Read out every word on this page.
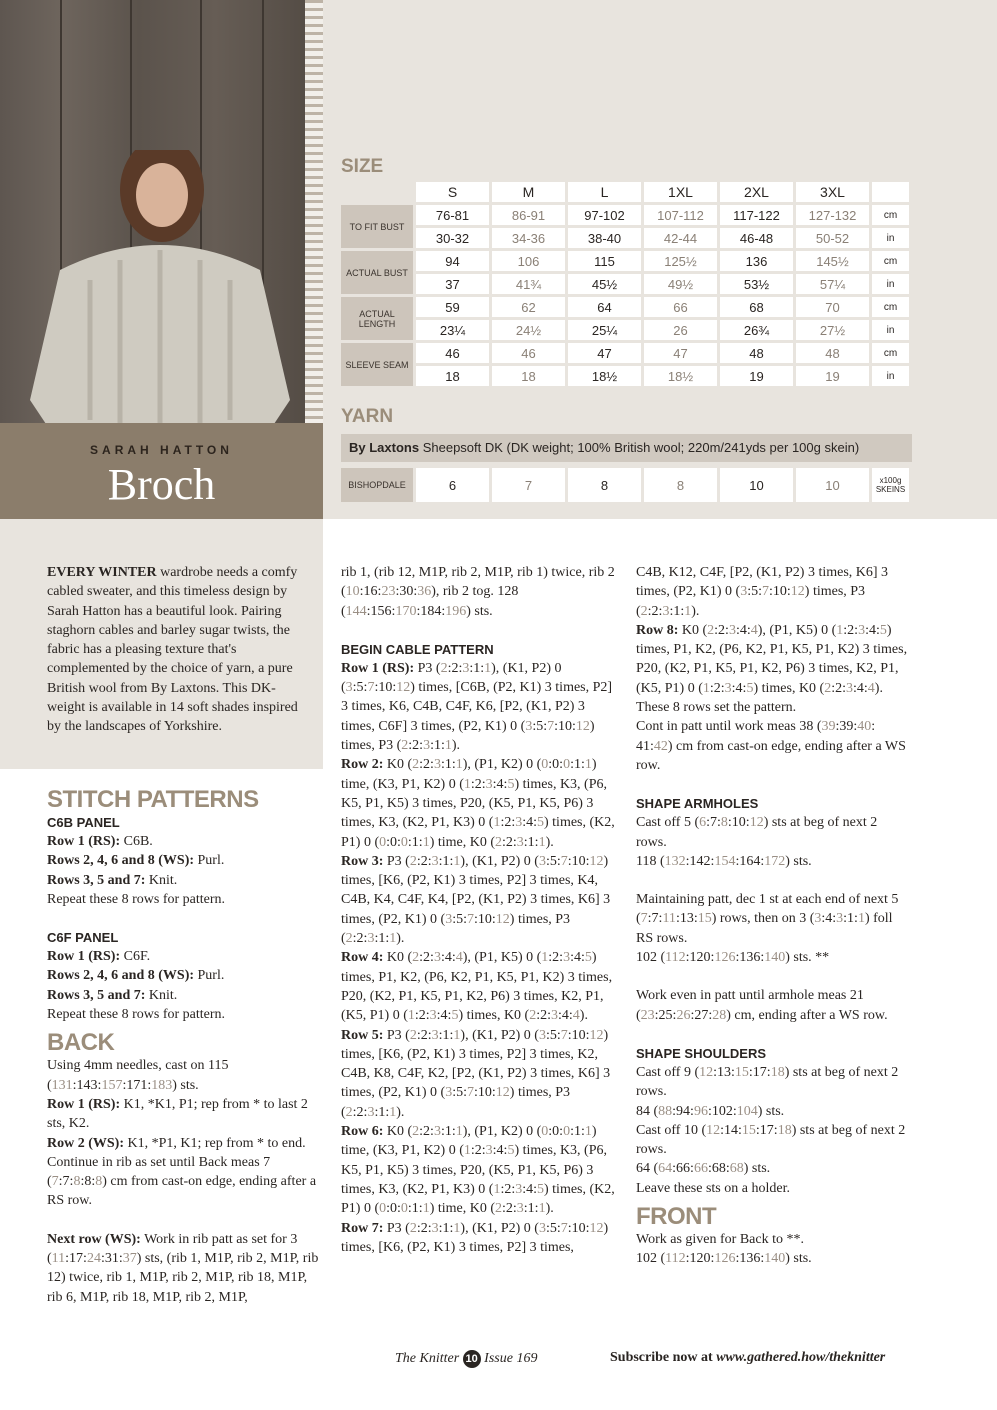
SARAH HATTON
Broch
SIZE
	S	M	L	1XL	2XL	3XL	
TO FIT BUST	76-81	86-91	97-102	107-112	117-122	127-132	cm
	30-32	34-36	38-40	42-44	46-48	50-52	in
ACTUAL BUST	94	106	115	125½	136	145½	cm
	37	41¾	45½	49½	53½	57¼	in
ACTUAL LENGTH	59	62	64	66	68	70	cm
	23¼	24½	25¼	26	26¾	27½	in
SLEEVE SEAM	46	46	47	47	48	48	cm
	18	18	18½	18½	19	19	in
YARN
By Laxtons Sheepsoft DK (DK weight; 100% British wool; 220m/241yds per 100g skein)
BISHOPDALE	6	7	8	8	10	10	x100g SKEINS
EVERY WINTER wardrobe needs a comfy cabled sweater, and this timeless design by Sarah Hatton has a beautiful look. Pairing staghorn cables and barley sugar twists, the fabric has a pleasing texture that's complemented by the choice of yarn, a pure British wool from By Laxtons. This DK-weight is available in 14 soft shades inspired by the landscapes of Yorkshire.

STITCH PATTERNS

C6B PANEL

Row 1 (RS): C6B.

Rows 2, 4, 6 and 8 (WS): Purl.

Rows 3, 5 and 7: Knit.

Repeat these 8 rows for pattern.

C6F PANEL

Row 1 (RS): C6F.

Rows 2, 4, 6 and 8 (WS): Purl.

Rows 3, 5 and 7: Knit.

Repeat these 8 rows for pattern.

BACK

Using 4mm needles, cast on 115 (131:143:157:171:183) sts.

Row 1 (RS): K1, *K1, P1; rep from * to last 2 sts, K2.

Row 2 (WS): K1, *P1, K1; rep from * to end. Continue in rib as set until Back meas 7 (7:7:8:8:8) cm from cast-on edge, ending after a RS row.

Next row (WS): Work in rib patt as set for 3 (11:17:24:31:37) sts, (rib 1, M1P, rib 2, M1P, rib 12) twice, rib 1, M1P, rib 2, M1P, rib 18, M1P, rib 6, M1P, rib 18, M1P, rib 2, M1P,

rib 1, (rib 12, M1P, rib 2, M1P, rib 1) twice, rib 2 (10:16:23:30:36), rib 2 tog. 128 (144:156:170:184:196) sts.

BEGIN CABLE PATTERN

Row 1 (RS): P3 (2:2:3:1:1), (K1, P2) 0 (3:5:7:10:12) times, [C6B, (P2, K1) 3 times, P2] 3 times, K6, C4B, C4F, K6, [P2, (K1, P2) 3 times, C6F] 3 times, (P2, K1) 0 (3:5:7:10:12) times, P3 (2:2:3:1:1).

Row 2: K0 (2:2:3:1:1), (P1, K2) 0 (0:0:0:1:1) time, (K3, P1, K2) 0 (1:2:3:4:5) times, K3, (P6, K5, P1, K5) 3 times, P20, (K5, P1, K5, P6) 3 times, K3, (K2, P1, K3) 0 (1:2:3:4:5) times, (K2, P1) 0 (0:0:0:1:1) time, K0 (2:2:3:1:1).

Row 3: P3 (2:2:3:1:1), (K1, P2) 0 (3:5:7:10:12) times, [K6, (P2, K1) 3 times, P2] 3 times, K4, C4B, K4, C4F, K4, [P2, (K1, P2) 3 times, K6] 3 times, (P2, K1) 0 (3:5:7:10:12) times, P3 (2:2:3:1:1).

Row 4: K0 (2:2:3:4:4), (P1, K5) 0 (1:2:3:4:5) times, P1, K2, (P6, K2, P1, K5, P1, K2) 3 times, P20, (K2, P1, K5, P1, K2, P6) 3 times, K2, P1, (K5, P1) 0 (1:2:3:4:5) times, K0 (2:2:3:4:4).

Row 5: P3 (2:2:3:1:1), (K1, P2) 0 (3:5:7:10:12) times, [K6, (P2, K1) 3 times, P2] 3 times, K2, C4B, K8, C4F, K2, [P2, (K1, P2) 3 times, K6] 3 times, (P2, K1) 0 (3:5:7:10:12) times, P3 (2:2:3:1:1).

Row 6: K0 (2:2:3:1:1), (P1, K2) 0 (0:0:0:1:1) time, (K3, P1, K2) 0 (1:2:3:4:5) times, K3, (P6, K5, P1, K5) 3 times, P20, (K5, P1, K5, P6) 3 times, K3, (K2, P1, K3) 0 (1:2:3:4:5) times, (K2, P1) 0 (0:0:0:1:1) time, K0 (2:2:3:1:1).

Row 7: P3 (2:2:3:1:1), (K1, P2) 0 (3:5:7:10:12) times, [K6, (P2, K1) 3 times, P2] 3 times,

C4B, K12, C4F, [P2, (K1, P2) 3 times, K6] 3 times, (P2, K1) 0 (3:5:7:10:12) times, P3 (2:2:3:1:1).

Row 8: K0 (2:2:3:4:4), (P1, K5) 0 (1:2:3:4:5) times, P1, K2, (P6, K2, P1, K5, P1, K2) 3 times, P20, (K2, P1, K5, P1, K2, P6) 3 times, K2, P1, (K5, P1) 0 (1:2:3:4:5) times, K0 (2:2:3:4:4).

These 8 rows set the pattern.

Cont in patt until work meas 38 (39:39:40: 41:42) cm from cast-on edge, ending after a WS row.

SHAPE ARMHOLES

Cast off 5 (6:7:8:10:12) sts at beg of next 2 rows.

118 (132:142:154:164:172) sts.

Maintaining patt, dec 1 st at each end of next 5 (7:7:11:13:15) rows, then on 3 (3:4:3:1:1) foll RS rows.

102 (112:120:126:136:140) sts. **

Work even in patt until armhole meas 21 (23:25:26:27:28) cm, ending after a WS row.

SHAPE SHOULDERS

Cast off 9 (12:13:15:17:18) sts at beg of next 2 rows.

84 (88:94:96:102:104) sts.

Cast off 10 (12:14:15:17:18) sts at beg of next 2 rows.

64 (64:66:66:68:68) sts.

Leave these sts on a holder.

FRONT

Work as given for Back to **.

102 (112:120:126:136:140) sts.

The Knitter 10 Issue 169	Subscribe now at www.gathered.how/theknitter
